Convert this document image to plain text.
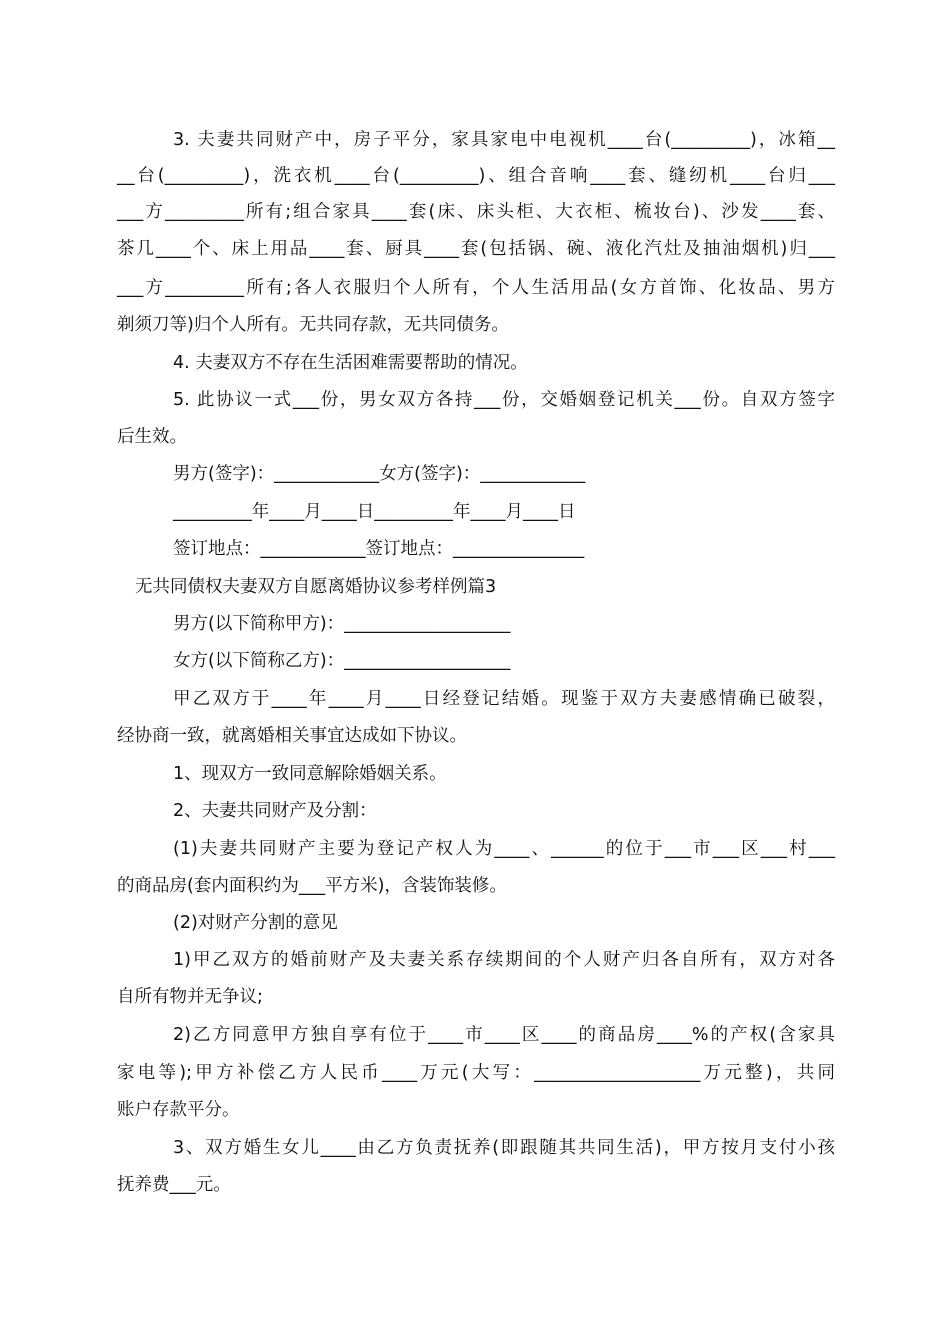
3. 夫妻共同财产中，房子平分，家具家电中电视机____台(_________)，冰箱__
__台(_________)，洗衣机____台(_________)、组合音响____套、缝纫机____台归___
___方_________所有;组合家具____套(床、床头柜、大衣柜、梳妆台)、沙发____套、
茶几____个、床上用品____套、厨具____套(包括锅、碗、液化汽灶及抽油烟机)归___
___方_________所有;各人衣服归个人所有，个人生活用品(女方首饰、化妆品、男方
剃须刀等)归个人所有。无共同存款，无共同债务。
4. 夫妻双方不存在生活困难需要帮助的情况。
5. 此协议一式___份，男女双方各持___份，交婚姻登记机关___份。自双方签字
后生效。
男方(签字)：____________女方(签字)：____________
_________年____月____日_________年____月____日
签订地点：____________签订地点：_______________
无共同债权夫妻双方自愿离婚协议参考样例篇3
男方(以下简称甲方)：___________________
女方(以下简称乙方)：___________________
甲乙双方于____年____月____日经登记结婚。现鉴于双方夫妻感情确已破裂，
经协商一致，就离婚相关事宜达成如下协议。
1、现双方一致同意解除婚姻关系。
2、夫妻共同财产及分割：
(1)夫妻共同财产主要为登记产权人为____、______的位于___市___区___村___
的商品房(套内面积约为___平方米)，含装饰装修。
(2)对财产分割的意见
1)甲乙双方的婚前财产及夫妻关系存续期间的个人财产归各自所有，双方对各
自所有物并无争议;
2)乙方同意甲方独自享有位于____市____区____的商品房____%的产权(含家具
家电等);甲方补偿乙方人民币____万元(大写：___________________万元整)，共同
账户存款平分。
3、双方婚生女儿____由乙方负责抚养(即跟随其共同生活)，甲方按月支付小孩
抚养费___元。
